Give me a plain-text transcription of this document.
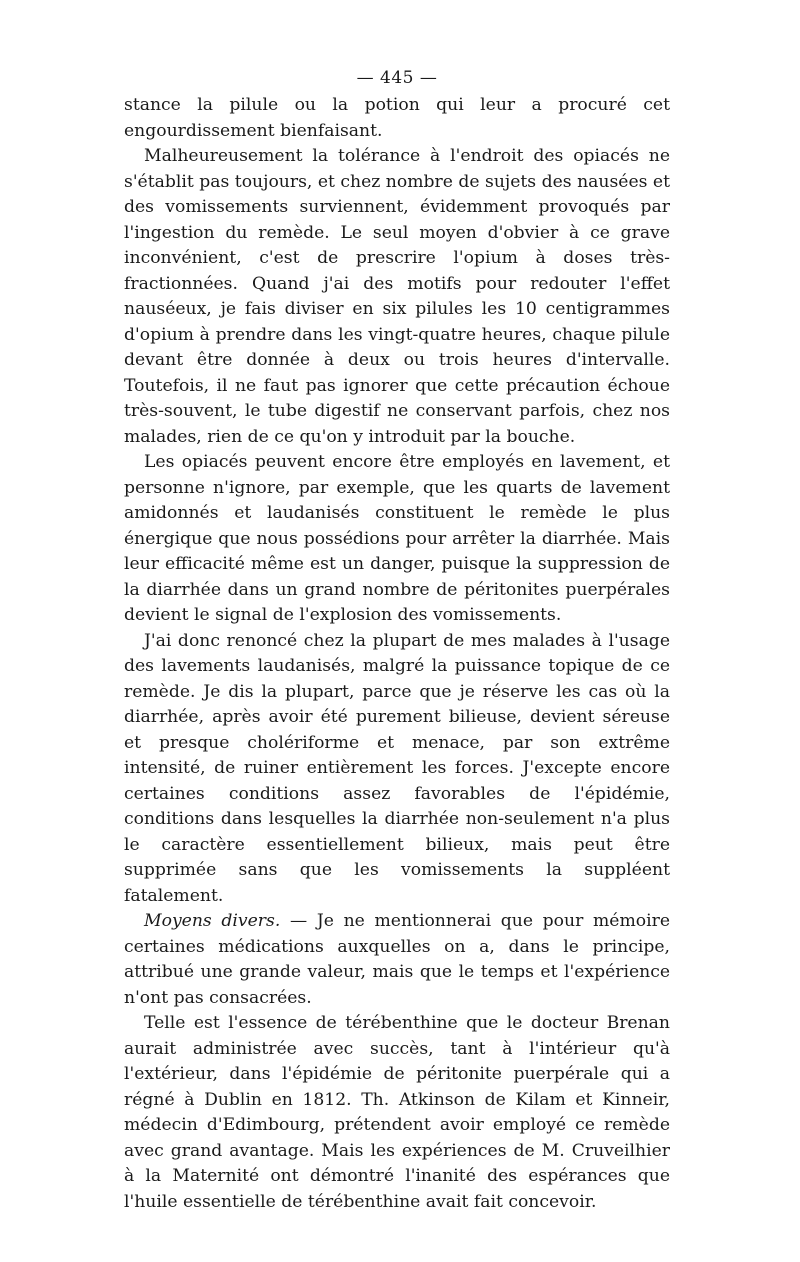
— 445 —

stance la pilule ou la potion qui leur a procuré cet engourdissement bienfaisant.

Malheureusement la tolérance à l'endroit des opiacés ne s'établit pas toujours, et chez nombre de sujets des nausées et des vomissements surviennent, évidemment provoqués par l'ingestion du remède. Le seul moyen d'obvier à ce grave inconvénient, c'est de prescrire l'opium à doses très-fractionnées. Quand j'ai des motifs pour redouter l'effet nauséeux, je fais diviser en six pilules les 10 centigrammes d'opium à prendre dans les vingt-quatre heures, chaque pilule devant être donnée à deux ou trois heures d'intervalle. Toutefois, il ne faut pas ignorer que cette précaution échoue très-souvent, le tube digestif ne conservant parfois, chez nos malades, rien de ce qu'on y introduit par la bouche.

Les opiacés peuvent encore être employés en lavement, et personne n'ignore, par exemple, que les quarts de lavement amidonnés et laudanisés constituent le remède le plus énergique que nous possédions pour arrêter la diarrhée. Mais leur efficacité même est un danger, puisque la suppression de la diarrhée dans un grand nombre de péritonites puerpérales devient le signal de l'explosion des vomissements.

J'ai donc renoncé chez la plupart de mes malades à l'usage des lavements laudanisés, malgré la puissance topique de ce remède. Je dis la plupart, parce que je réserve les cas où la diarrhée, après avoir été purement bilieuse, devient séreuse et presque cholériforme et menace, par son extrême intensité, de ruiner entièrement les forces. J'excepte encore certaines conditions assez favorables de l'épidémie, conditions dans lesquelles la diarrhée non-seulement n'a plus le caractère essentiellement bilieux, mais peut être supprimée sans que les vomissements la suppléent fatalement.

Moyens divers. — Je ne mentionnerai que pour mémoire certaines médications auxquelles on a, dans le principe, attribué une grande valeur, mais que le temps et l'expérience n'ont pas consacrées.

Telle est l'essence de térébenthine que le docteur Brenan aurait administrée avec succès, tant à l'intérieur qu'à l'extérieur, dans l'épidémie de péritonite puerpérale qui a régné à Dublin en 1812. Th. Atkinson de Kilam et Kinneir, médecin d'Edimbourg, prétendent avoir employé ce remède avec grand avantage. Mais les expériences de M. Cruveilhier à la Maternité ont démontré l'inanité des espérances que l'huile essentielle de térébenthine avait fait concevoir.
